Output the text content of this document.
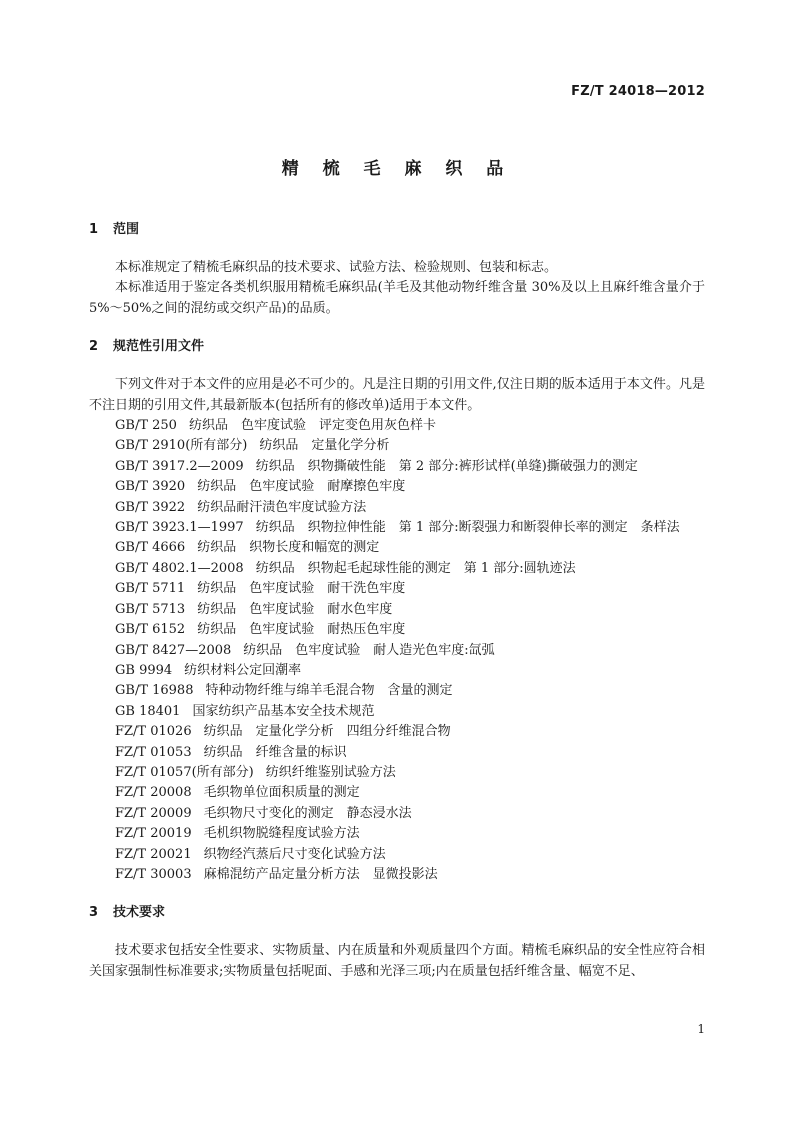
FZ/T 24018—2012
精 梳 毛 麻 织 品
1 范围

本标准规定了精梳毛麻织品的技术要求、试验方法、检验规则、包装和标志。

本标准适用于鉴定各类机织服用精梳毛麻织品(羊毛及其他动物纤维含量 30%及以上且麻纤维含量介于 5%～50%之间的混纺或交织产品)的品质。

2 规范性引用文件

下列文件对于本文件的应用是必不可少的。凡是注日期的引用文件,仅注日期的版本适用于本文件。凡是不注日期的引用文件,其最新版本(包括所有的修改单)适用于本文件。

GB/T 250 纺织品　色牢度试验　评定变色用灰色样卡

GB/T 2910(所有部分) 纺织品　定量化学分析

GB/T 3917.2—2009 纺织品　织物撕破性能　第 2 部分:裤形试样(单缝)撕破强力的测定

GB/T 3920 纺织品　色牢度试验　耐摩擦色牢度

GB/T 3922 纺织品耐汗渍色牢度试验方法

GB/T 3923.1—1997 纺织品　织物拉伸性能　第 1 部分:断裂强力和断裂伸长率的测定　条样法

GB/T 4666 纺织品　织物长度和幅宽的测定

GB/T 4802.1—2008 纺织品　织物起毛起球性能的测定　第 1 部分:圆轨迹法

GB/T 5711 纺织品　色牢度试验　耐干洗色牢度

GB/T 5713 纺织品　色牢度试验　耐水色牢度

GB/T 6152 纺织品　色牢度试验　耐热压色牢度

GB/T 8427—2008 纺织品　色牢度试验　耐人造光色牢度:氙弧

GB 9994 纺织材料公定回潮率

GB/T 16988 特种动物纤维与绵羊毛混合物　含量的测定

GB 18401 国家纺织产品基本安全技术规范

FZ/T 01026 纺织品　定量化学分析　四组分纤维混合物

FZ/T 01053 纺织品　纤维含量的标识

FZ/T 01057(所有部分) 纺织纤维鉴别试验方法

FZ/T 20008 毛织物单位面积质量的测定

FZ/T 20009 毛织物尺寸变化的测定　静态浸水法

FZ/T 20019 毛机织物脱缝程度试验方法

FZ/T 20021 织物经汽蒸后尺寸变化试验方法

FZ/T 30003 麻棉混纺产品定量分析方法　显微投影法

3 技术要求

技术要求包括安全性要求、实物质量、内在质量和外观质量四个方面。精梳毛麻织品的安全性应符合相关国家强制性标准要求;实物质量包括呢面、手感和光泽三项;内在质量包括纤维含量、幅宽不足、

1
